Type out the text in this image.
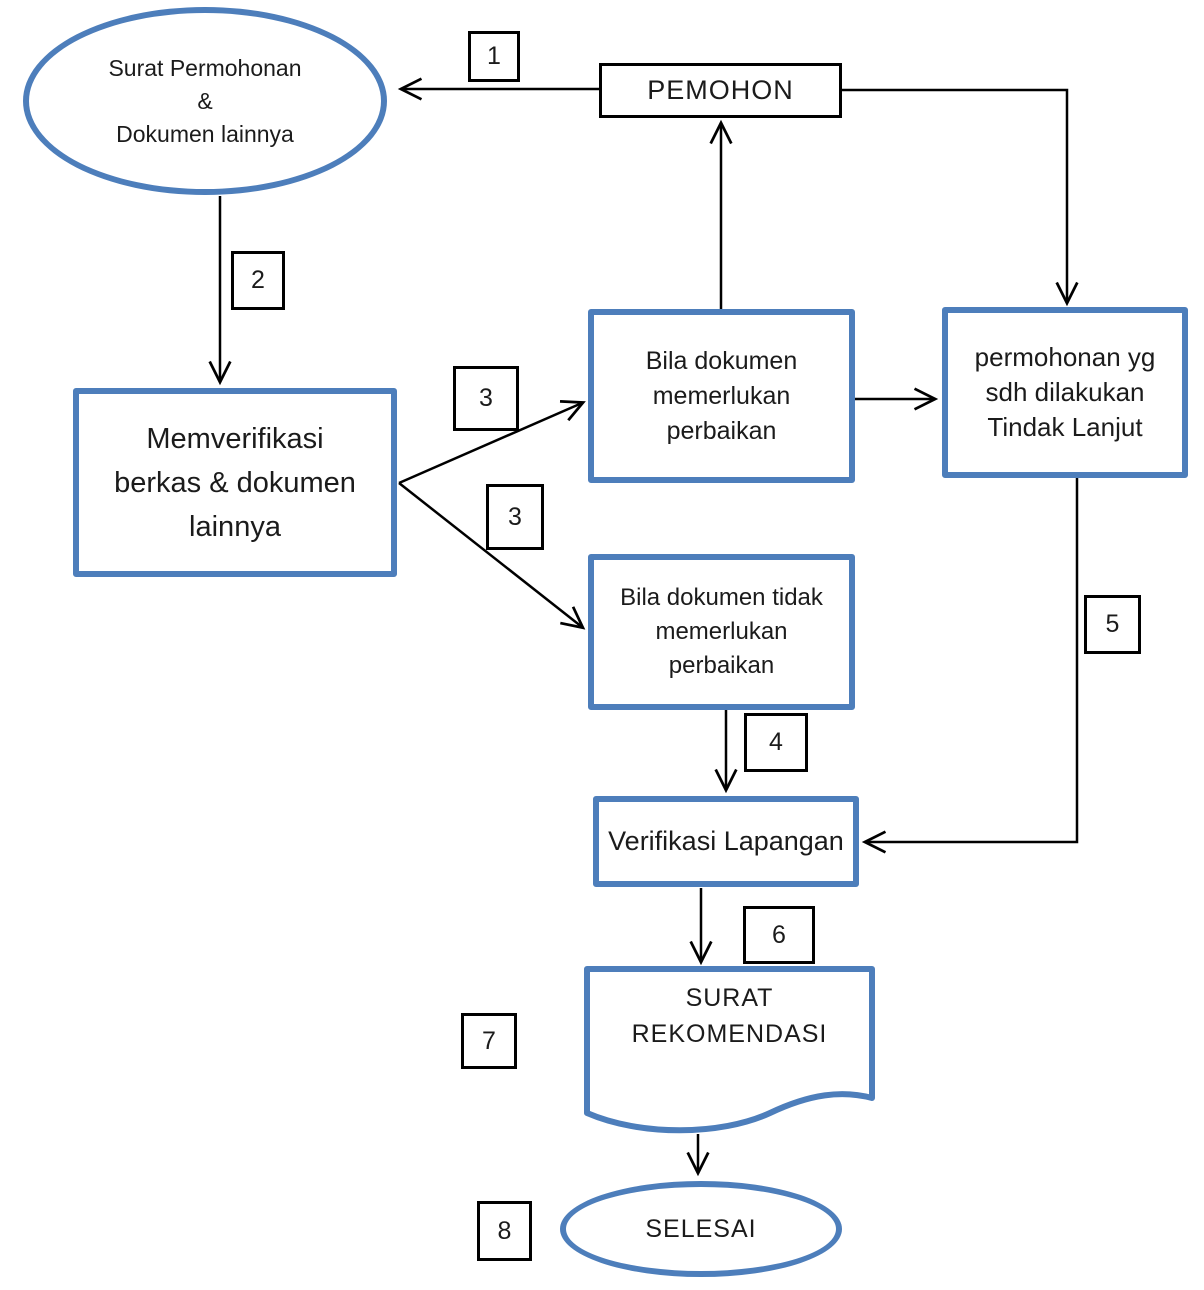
Surat Permohonan
&
Dokumen lainnya
PEMOHON
Memverifikasi
berkas & dokumen
lainnya
Bila dokumen
memerlukan
perbaikan
permohonan yg
sdh dilakukan
Tindak Lanjut
Bila dokumen tidak
memerlukan
perbaikan
Verifikasi Lapangan
SURAT
REKOMENDASI
SELESAI
1
2
3
3
4
5
6
7
8
